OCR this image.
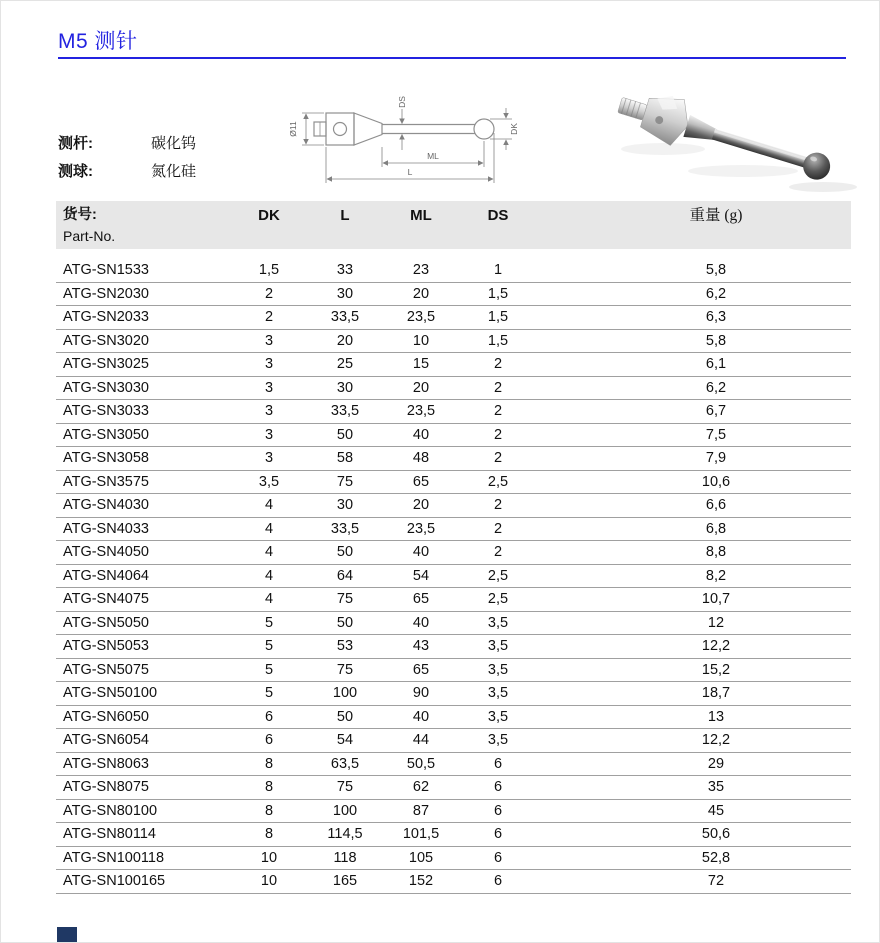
M5 测针
测杆:	碳化钨
测球:	氮化硅
Ø11
DS
DK
ML
L
货号:
Part-No.
DK	L	ML	DS	重量 (g)
ATG-SN1533	1,5	33	23	1	5,8
ATG-SN2030	2	30	20	1,5	6,2
ATG-SN2033	2	33,5	23,5	1,5	6,3
ATG-SN3020	3	20	10	1,5	5,8
ATG-SN3025	3	25	15	2	6,1
ATG-SN3030	3	30	20	2	6,2
ATG-SN3033	3	33,5	23,5	2	6,7
ATG-SN3050	3	50	40	2	7,5
ATG-SN3058	3	58	48	2	7,9
ATG-SN3575	3,5	75	65	2,5	10,6
ATG-SN4030	4	30	20	2	6,6
ATG-SN4033	4	33,5	23,5	2	6,8
ATG-SN4050	4	50	40	2	8,8
ATG-SN4064	4	64	54	2,5	8,2
ATG-SN4075	4	75	65	2,5	10,7
ATG-SN5050	5	50	40	3,5	12
ATG-SN5053	5	53	43	3,5	12,2
ATG-SN5075	5	75	65	3,5	15,2
ATG-SN50100	5	100	90	3,5	18,7
ATG-SN6050	6	50	40	3,5	13
ATG-SN6054	6	54	44	3,5	12,2
ATG-SN8063	8	63,5	50,5	6	29
ATG-SN8075	8	75	62	6	35
ATG-SN80100	8	100	87	6	45
ATG-SN80114	8	114,5	101,5	6	50,6
ATG-SN100118	10	118	105	6	52,8
ATG-SN100165	10	165	152	6	72
